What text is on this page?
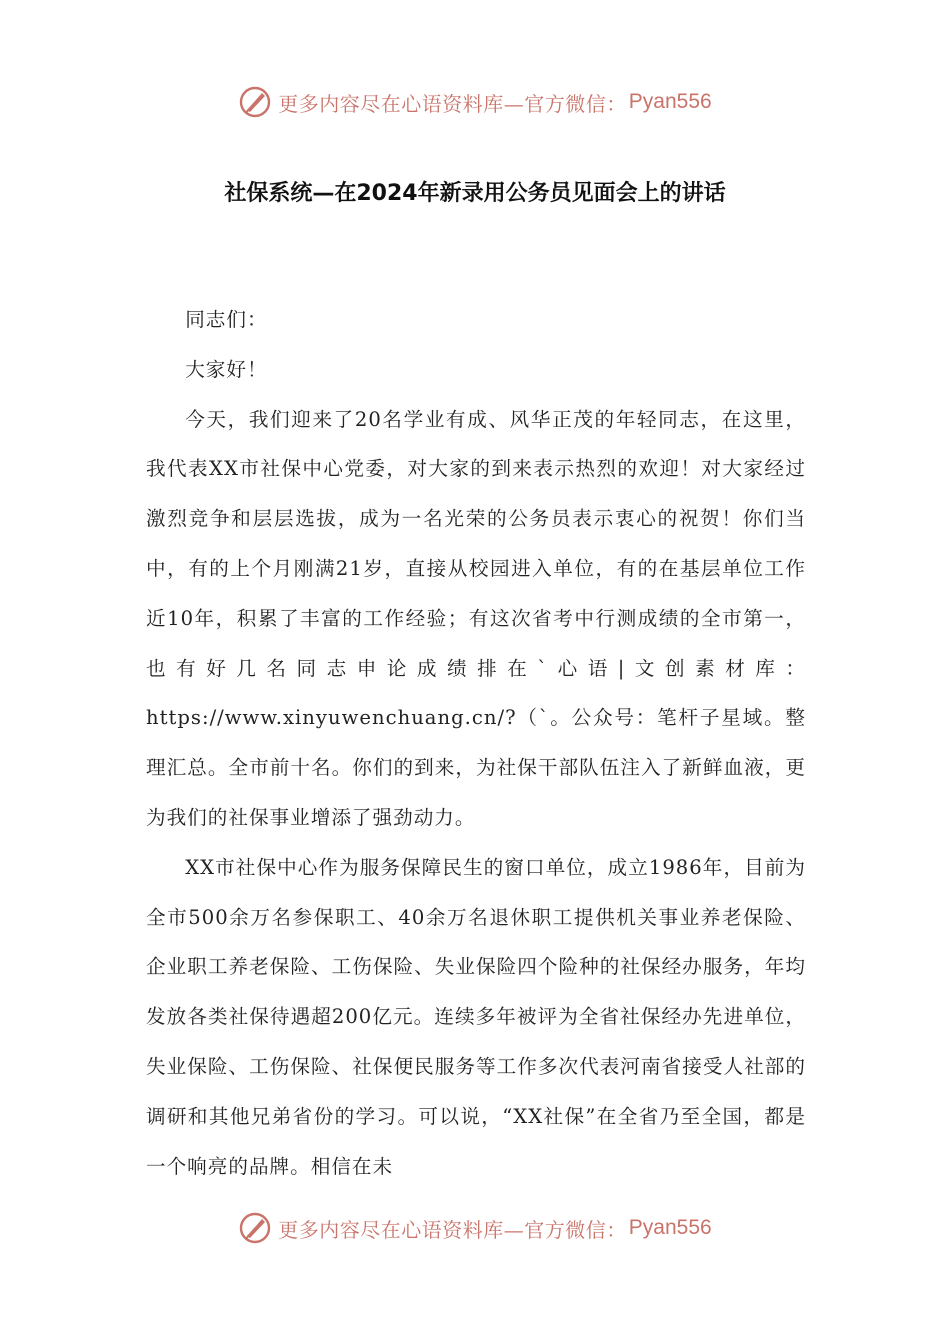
更多内容尽在心语资料库—官方微信： Pyan556
社保系统—在2024年新录用公务员见面会上的讲话

同志们：

大家好！

今天，我们迎来了20名学业有成、风华正茂的年轻同志，在这里，我代表XX市社保中心党委，对大家的到来表示热烈的欢迎！对大家经过激烈竞争和层层选拔，成为一名光荣的公务员表示衷心的祝贺！你们当中，有的上个月刚满21岁，直接从校园进入单位，有的在基层单位工作近10年，积累了丰富的工作经验；有这次省考中行测成绩的全市第一，也有好几名同志申论成绩排在`心语|文创素材库：https://www.xinyuwenchuang.cn/?（`。公众号：笔杆子星域。整理汇总。全市前十名。你们的到来，为社保干部队伍注入了新鲜血液，更为我们的社保事业增添了强劲动力。

XX市社保中心作为服务保障民生的窗口单位，成立1986年，目前为全市500余万名参保职工、40余万名退休职工提供机关事业养老保险、企业职工养老保险、工伤保险、失业保险四个险种的社保经办服务，年均发放各类社保待遇超200亿元。连续多年被评为全省社保经办先进单位，失业保险、工伤保险、社保便民服务等工作多次代表河南省接受人社部的调研和其他兄弟省份的学习。可以说，“XX社保”在全省乃至全国，都是一个响亮的品牌。相信在未

更多内容尽在心语资料库—官方微信： Pyan556
